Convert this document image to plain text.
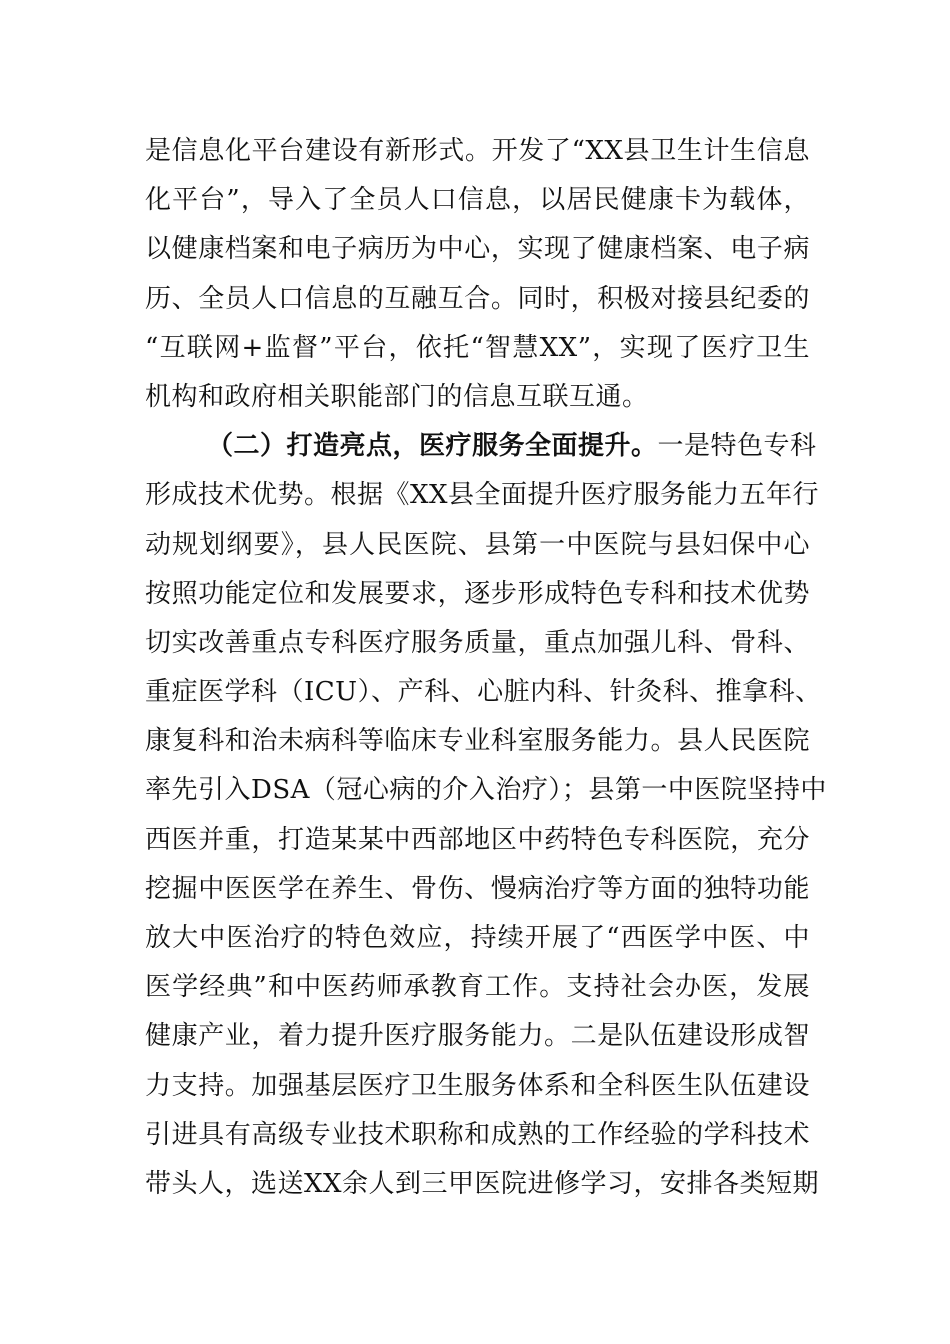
是信息化平台建设有新形式。开发了“XX县卫生计生信息
化平台”，导入了全员人口信息，以居民健康卡为载体，
以健康档案和电子病历为中心，实现了健康档案、电子病
历、全员人口信息的互融互合。同时，积极对接县纪委的
“互联网+监督”平台，依托“智慧XX”，实现了医疗卫生
机构和政府相关职能部门的信息互联互通。
（二）打造亮点，医疗服务全面提升。一是特色专科
形成技术优势。根据《XX县全面提升医疗服务能力五年行
动规划纲要》，县人民医院、县第一中医院与县妇保中心
按照功能定位和发展要求，逐步形成特色专科和技术优势
切实改善重点专科医疗服务质量，重点加强儿科、骨科、
重症医学科（ICU）、产科、心脏内科、针灸科、推拿科、
康复科和治未病科等临床专业科室服务能力。县人民医院
率先引入DSA（冠心病的介入治疗）；县第一中医院坚持中
西医并重，打造某某中西部地区中药特色专科医院，充分
挖掘中医医学在养生、骨伤、慢病治疗等方面的独特功能
放大中医治疗的特色效应，持续开展了“西医学中医、中
医学经典”和中医药师承教育工作。支持社会办医，发展
健康产业，着力提升医疗服务能力。二是队伍建设形成智
力支持。加强基层医疗卫生服务体系和全科医生队伍建设
引进具有高级专业技术职称和成熟的工作经验的学科技术
带头人，选送XX余人到三甲医院进修学习，安排各类短期
